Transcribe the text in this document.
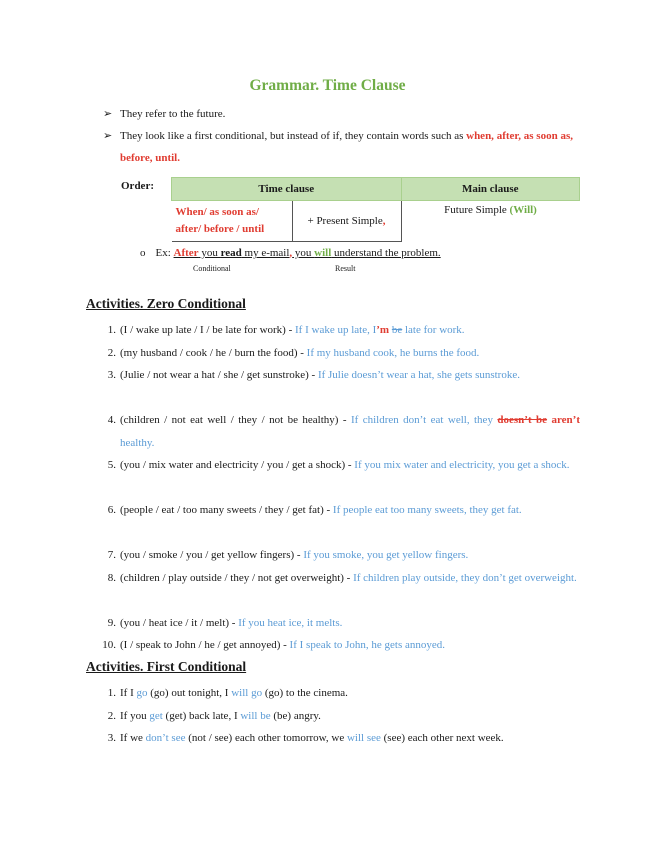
Grammar. Time Clause
➢ They refer to the future.
➢ They look like a first conditional, but instead of if, they contain words such as when, after, as soon as, before, until.
Order:	Time clause		Main clause
When/ as soon as/
after/ before / until	+ Present Simple,	Future Simple (Will)
o Ex: After you read my e-mail, you will understand the problem.
Conditional	Result
Activities. Zero Conditional
1. (I / wake up late / I / be late for work) - If I wake up late, I’m be late for work.
2. (my husband / cook / he / burn the food) - If my husband cook, he burns the food.
3. (Julie / not wear a hat / she / get sunstroke) - If Julie doesn’t wear a hat, she gets sunstroke.
4. (children / not eat well / they / not be healthy) - If children don’t eat well, they doesn’t be aren’t healthy.
5. (you / mix water and electricity / you / get a shock) - If you mix water and electricity, you get a shock.
6. (people / eat / too many sweets / they / get fat) - If people eat too many sweets, they get fat.
7. (you / smoke / you / get yellow fingers) - If you smoke, you get yellow fingers.
8. (children / play outside / they / not get overweight) - If children play outside, they don’t get overweight.
9. (you / heat ice / it / melt) - If you heat ice, it melts.
10. (I / speak to John / he / get annoyed) - If I speak to John, he gets annoyed.
Activities. First Conditional
1. If I go (go) out tonight, I will go (go) to the cinema.
2. If you get (get) back late, I will be (be) angry.
3. If we don’t see (not / see) each other tomorrow, we will see (see) each other next week.
